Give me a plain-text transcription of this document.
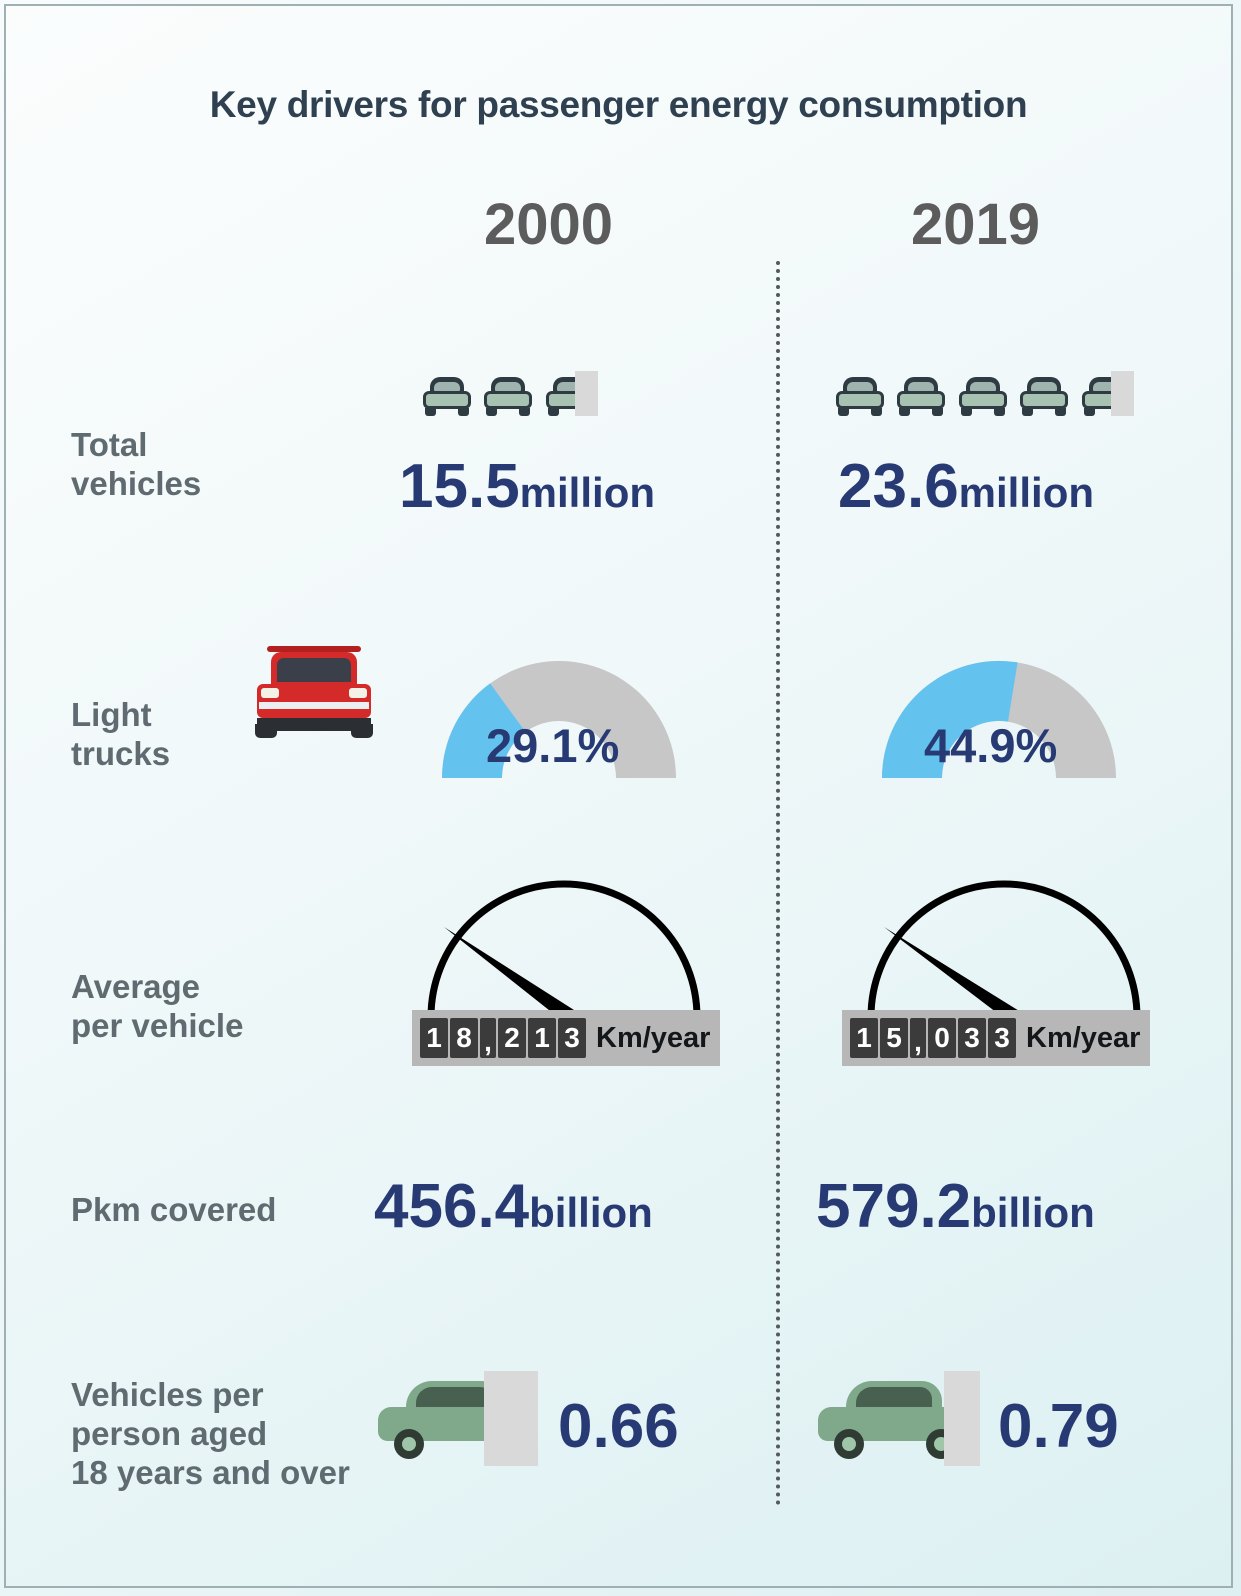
Key drivers for passenger energy consumption
2000	2019
Total
vehicles

	15.5million	23.6million
Light
trucks	29.1%	44.9%
Average
per vehicle	1 8 , 2 1 3 Km/year	1 5 , 0 3 3 Km/year
Pkm covered 456.4billion	579.2billion
Vehicles per
person aged
18 years and over
0.66	0.79
